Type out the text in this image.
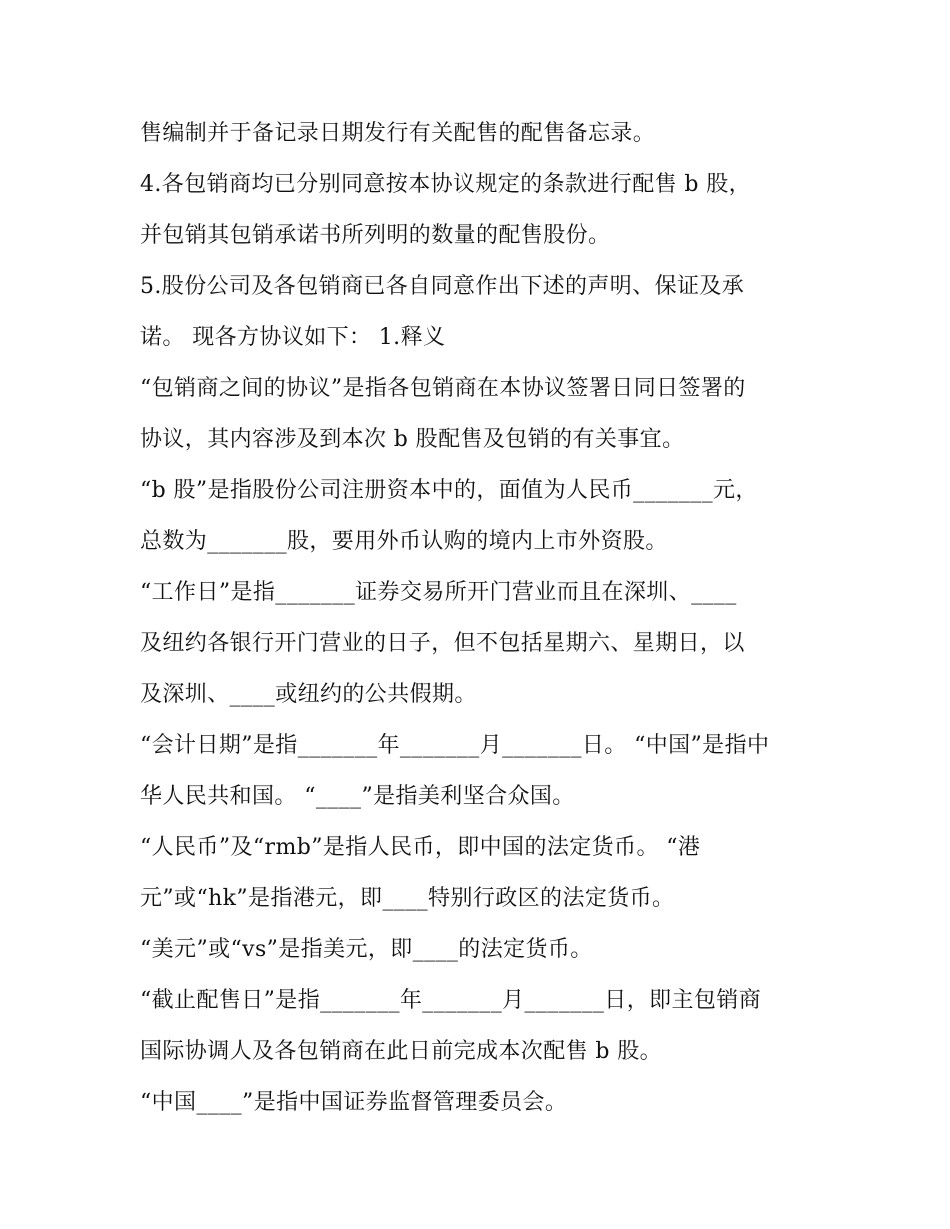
售编制并于备记录日期发行有关配售的配售备忘录。
4.各包销商均已分别同意按本协议规定的条款进行配售 b 股，
并包销其包销承诺书所列明的数量的配售股份。
5.股份公司及各包销商已各自同意作出下述的声明、保证及承
诺。 现各方协议如下： 1.释义
“包销商之间的协议”是指各包销商在本协议签署日同日签署的
协议，其内容涉及到本次 b 股配售及包销的有关事宜。
“b 股”是指股份公司注册资本中的，面值为人民币_______元，
总数为_______股，要用外币认购的境内上市外资股。
“工作日”是指_______证券交易所开门营业而且在深圳、____
及纽约各银行开门营业的日子，但不包括星期六、星期日，以
及深圳、____或纽约的公共假期。
“会计日期”是指_______年_______月_______日。 “中国”是指中
华人民共和国。 “____”是指美利坚合众国。
“人民币”及“rmb”是指人民币，即中国的法定货币。 “港
元”或“hk”是指港元，即____特别行政区的法定货币。
“美元”或“vs”是指美元，即____的法定货币。
“截止配售日”是指_______年_______月_______日，即主包销商
国际协调人及各包销商在此日前完成本次配售 b 股。
“中国____”是指中国证券监督管理委员会。
